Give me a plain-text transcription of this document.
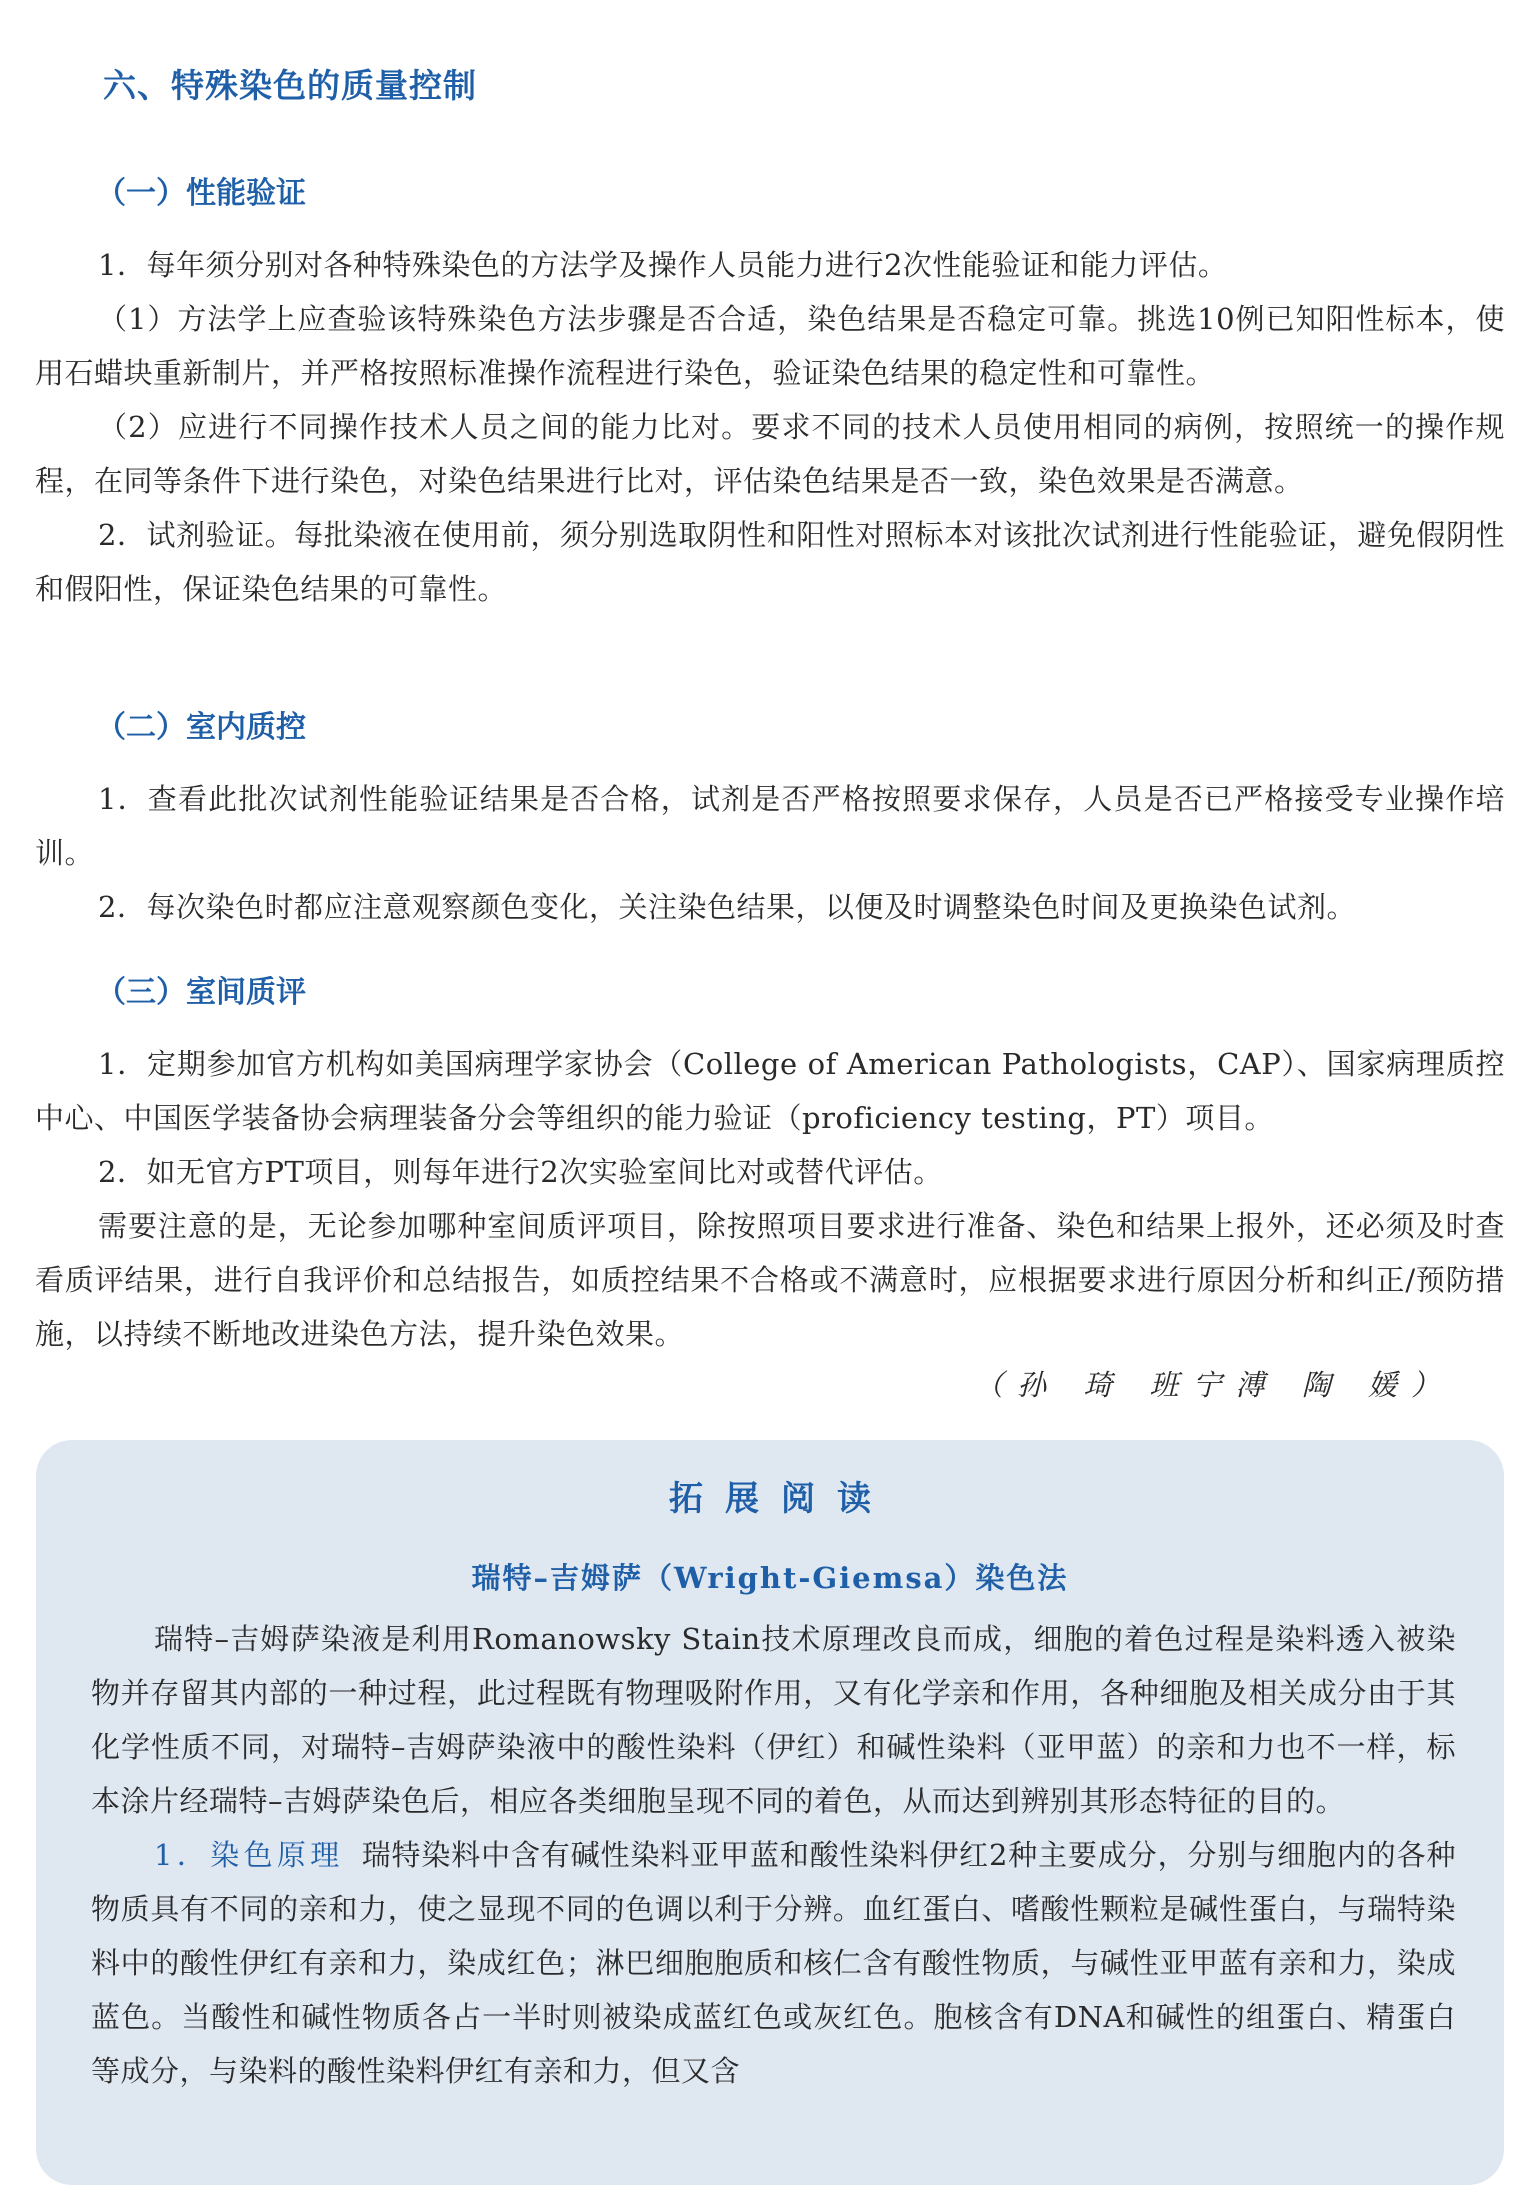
六、特殊染色的质量控制
（一）性能验证

1．每年须分别对各种特殊染色的方法学及操作人员能力进行2次性能验证和能力评估。

（1）方法学上应查验该特殊染色方法步骤是否合适，染色结果是否稳定可靠。挑选10例已知阳性标本，使用石蜡块重新制片，并严格按照标准操作流程进行染色，验证染色结果的稳定性和可靠性。

（2）应进行不同操作技术人员之间的能力比对。要求不同的技术人员使用相同的病例，按照统一的操作规程，在同等条件下进行染色，对染色结果进行比对，评估染色结果是否一致，染色效果是否满意。

2．试剂验证。每批染液在使用前，须分别选取阴性和阳性对照标本对该批次试剂进行性能验证，避免假阴性和假阳性，保证染色结果的可靠性。

（二）室内质控

1．查看此批次试剂性能验证结果是否合格，试剂是否严格按照要求保存，人员是否已严格接受专业操作培训。

2．每次染色时都应注意观察颜色变化，关注染色结果，以便及时调整染色时间及更换染色试剂。

（三）室间质评

1．定期参加官方机构如美国病理学家协会（College of American Pathologists，CAP）、国家病理质控中心、中国医学装备协会病理装备分会等组织的能力验证（proficiency testing，PT）项目。

2．如无官方PT项目，则每年进行2次实验室间比对或替代评估。

需要注意的是，无论参加哪种室间质评项目，除按照项目要求进行准备、染色和结果上报外，还必须及时查看质评结果，进行自我评价和总结报告，如质控结果不合格或不满意时，应根据要求进行原因分析和纠正/预防措施，以持续不断地改进染色方法，提升染色效果。

（孙 琦 班宁溥 陶 媛）
拓展阅读
瑞特–吉姆萨（Wright-Giemsa）染色法

瑞特–吉姆萨染液是利用Romanowsky Stain技术原理改良而成，细胞的着色过程是染料透入被染物并存留其内部的一种过程，此过程既有物理吸附作用，又有化学亲和作用，各种细胞及相关成分由于其化学性质不同，对瑞特–吉姆萨染液中的酸性染料（伊红）和碱性染料（亚甲蓝）的亲和力也不一样，标本涂片经瑞特–吉姆萨染色后，相应各类细胞呈现不同的着色，从而达到辨别其形态特征的目的。

1．染色原理 瑞特染料中含有碱性染料亚甲蓝和酸性染料伊红2种主要成分，分别与细胞内的各种物质具有不同的亲和力，使之显现不同的色调以利于分辨。血红蛋白、嗜酸性颗粒是碱性蛋白，与瑞特染料中的酸性伊红有亲和力，染成红色；淋巴细胞胞质和核仁含有酸性物质，与碱性亚甲蓝有亲和力，染成蓝色。当酸性和碱性物质各占一半时则被染成蓝红色或灰红色。胞核含有DNA和碱性的组蛋白、精蛋白等成分，与染料的酸性染料伊红有亲和力，但又含
